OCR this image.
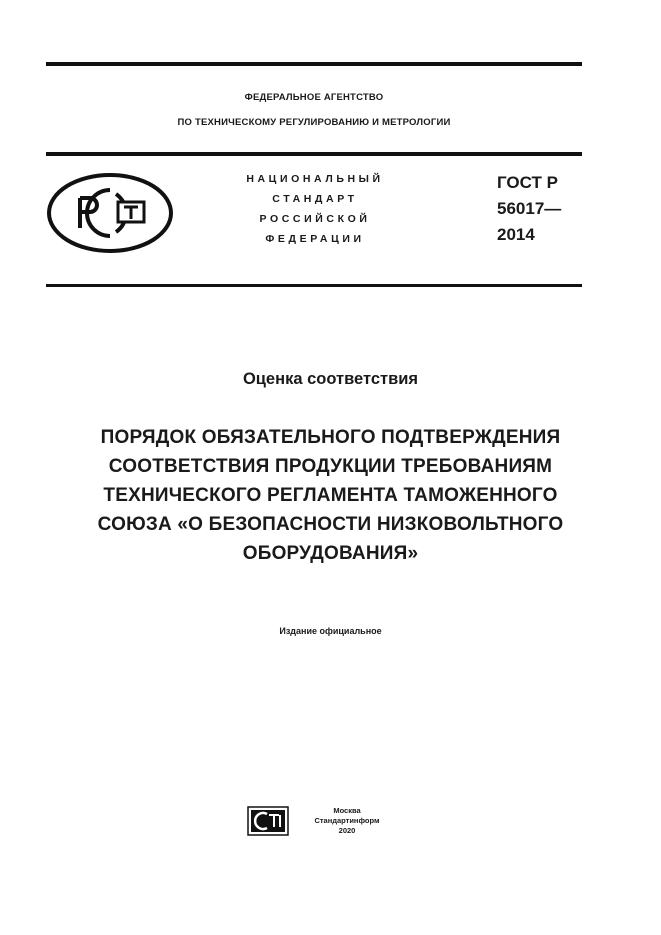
ФЕДЕРАЛЬНОЕ АГЕНТСТВО
ПО ТЕХНИЧЕСКОМУ РЕГУЛИРОВАНИЮ И МЕТРОЛОГИИ
НАЦИОНАЛЬНЫЙ
СТАНДАРТ
РОССИЙСКОЙ
ФЕДЕРАЦИИ
ГОСТ Р
56017—
2014
Оценка соответствия
ПОРЯДОК ОБЯЗАТЕЛЬНОГО ПОДТВЕРЖДЕНИЯ
СООТВЕТСТВИЯ ПРОДУКЦИИ ТРЕБОВАНИЯМ
ТЕХНИЧЕСКОГО РЕГЛАМЕНТА ТАМОЖЕННОГО
СОЮЗА «О БЕЗОПАСНОСТИ НИЗКОВОЛЬТНОГО
ОБОРУДОВАНИЯ»
Издание официальное
Москва
Стандартинформ
2020
